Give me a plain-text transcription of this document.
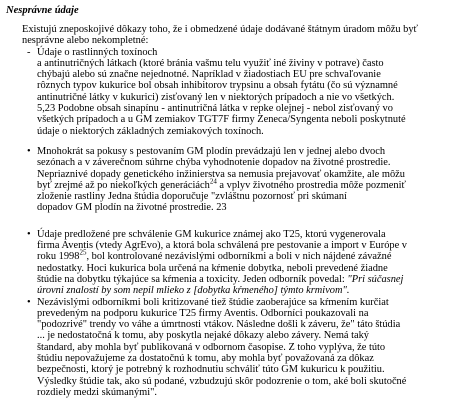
Nesprávne údaje
Existujú zneposkojivé dôkazy toho, že i obmedzené údaje dodávané štátnym úradom môžu byť nesprávne alebo nekompletné:
- Údaje o rastlinných toxínoch
a antinutričných látkach (ktoré bránia vašmu telu využiť iné živiny v potrave) často
chýbajú alebo sú značne nejednotné. Napríklad v žiadostiach EU pre schvaľovanie
rôznych typov kukurice bol obsah inhibitorov trypsinu a obsah fytátu (čo sú významné
antinutričné látky v kukurici) zisťovaný len v niektorých prípadoch a nie vo všetkých.
5,23 Podobne obsah sinapínu - antinutričná látka v repke olejnej - nebol zisťovaný vo
všetkých prípadoch a u GM zemiakov TGT7F firmy Zeneca/Syngenta neboli poskytnuté
údaje o niektorých základných zemiakových toxínoch.
• Mnohokrát sa pokusy s pestovaním GM plodín prevádzajú len v jednej alebo dvoch
sezónach a v záverečnom súhrne chýba vyhodnotenie dopadov na životné prostredie.
Nepriaznivé dopady genetického inžinierstva sa nemusia prejavovať okamžite, ale môžu
byť zrejmé až po niekoľkých generáciách$^{24}$ a vplyv životného prostredia môže pozmeniť
zloženie rastliny Jedna štúdia doporučuje "zvláštnu pozornosť pri skúmaní
dopadov GM plodín na životné prostredie. 23
• Údaje predložené pre schválenie GM kukurice známej ako T25, ktorú vygenerovala
firma Aventis (vtedy AgrEvo), a ktorá bola schválená pre pestovanie a import v Európe v
roku 1998$^{25}$, bol kontrolované nezávislými odborníkmi a boli v nich nájdené závažné
nedostatky. Hoci kukurica bola určená na kŕmenie dobytka, neboli prevedené žiadne
štúdie na dobytku týkajúce sa kŕmenia a toxicity. Jeden odborník povedal: "Pri súčasnej
úrovni znalostí by som nepil mlieko z [dobytka kŕmeného] týmto krmivom".
• Nezávislými odborníkmi boli kritizované tiež štúdie zaoberajúce sa kŕmením kurčiat
prevedeným na podporu kukurice T25 firmy Aventis. Odborníci poukazovali na
"podozrivé" trendy vo váhe a úmrtnosti vtákov. Následne došli k záveru, že" táto štúdia
... je nedostatočná k tomu, aby poskytla nejaké dôkazy alebo závery. Nemá taký
štandard, aby mohla byť publikovaná v odbornom časopise. Z toho vyplýva, že túto
štúdiu nepovažujeme za dostatočnú k tomu, aby mohla byť považovaná za dôkaz
bezpečnosti, ktorý je potrebný k rozhodnutiu schváliť túto GM kukuricu k použitiu.
Výsledky štúdie tak, ako sú podané, vzbudzujú skôr podozrenie o tom, aké boli skutočné
rozdiely medzi skúmanými".
